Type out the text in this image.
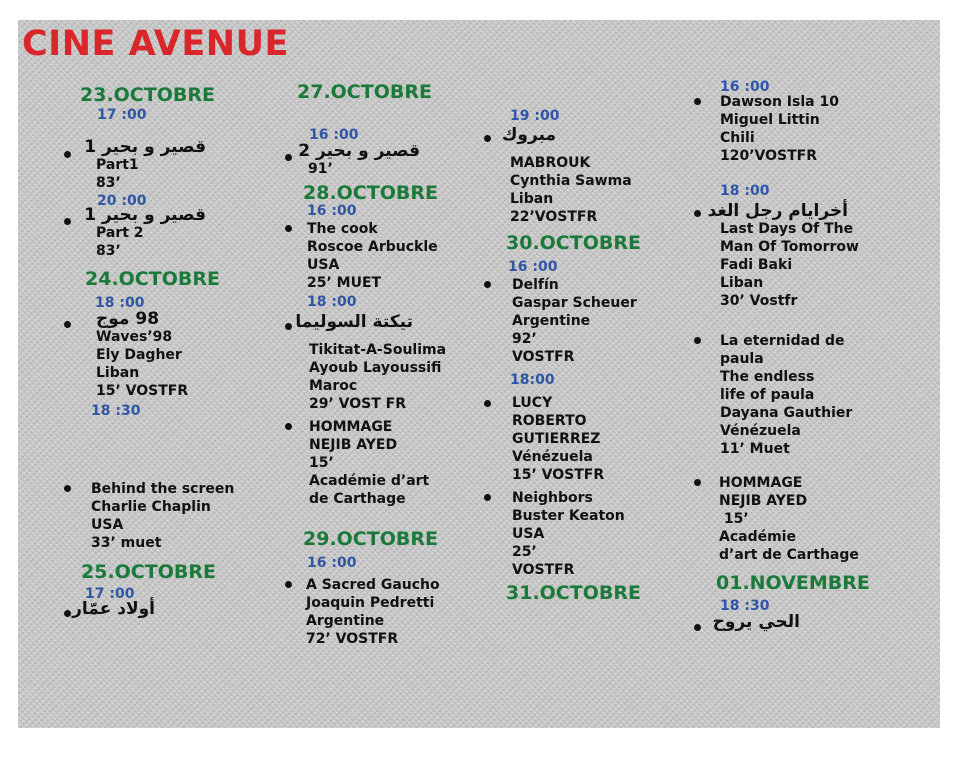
CINE AVENUE
23.OCTOBRE
17 :00
قصير و بحير 1
Part1
83’
20 :00
قصير و بحير 1
Part 2
83’
24.OCTOBRE
18 :00
98 موج
Waves’98
Ely Dagher
Liban
15’ VOSTFR
18 :30
Behind the screen
Charlie Chaplin
USA
33’ muet
25.OCTOBRE
17 :00
أولاد عمّار
27.OCTOBRE
16 :00
قصير و بحير 2
91’
28.OCTOBRE
16 :00
The cook
Roscoe Arbuckle
USA
25’ MUET
18 :00
تيكتة السوليما
Tikitat-A-Soulima
Ayoub Layoussifi
Maroc
29’ VOST FR
HOMMAGE
NEJIB AYED
15’
Académie d’art
de Carthage
29.OCTOBRE
16 :00
A Sacred Gaucho
Joaquin Pedretti
Argentine
72’ VOSTFR
19 :00
مبروك
MABROUK
Cynthia Sawma
Liban
22’VOSTFR
30.OCTOBRE
16 :00
Delfín
Gaspar Scheuer
Argentine
92’
VOSTFR
18:00
LUCY
ROBERTO
GUTIERREZ
Vénézuela
15’ VOSTFR
Neighbors
Buster Keaton
USA
25’
VOSTFR
31.OCTOBRE
16 :00
Dawson Isla 10
Miguel Littin
Chili
120’VOSTFR
18 :00
أخرايام رجل الغد
Last Days Of The
Man Of Tomorrow
Fadi Baki
Liban
30’ Vostfr
La eternidad de
paula
The endless
life of paula
Dayana Gauthier
Vénézuela
11’ Muet
HOMMAGE
NEJIB AYED
15’
Académie
d’art de Carthage
01.NOVEMBRE
18 :30
الحي يروح
